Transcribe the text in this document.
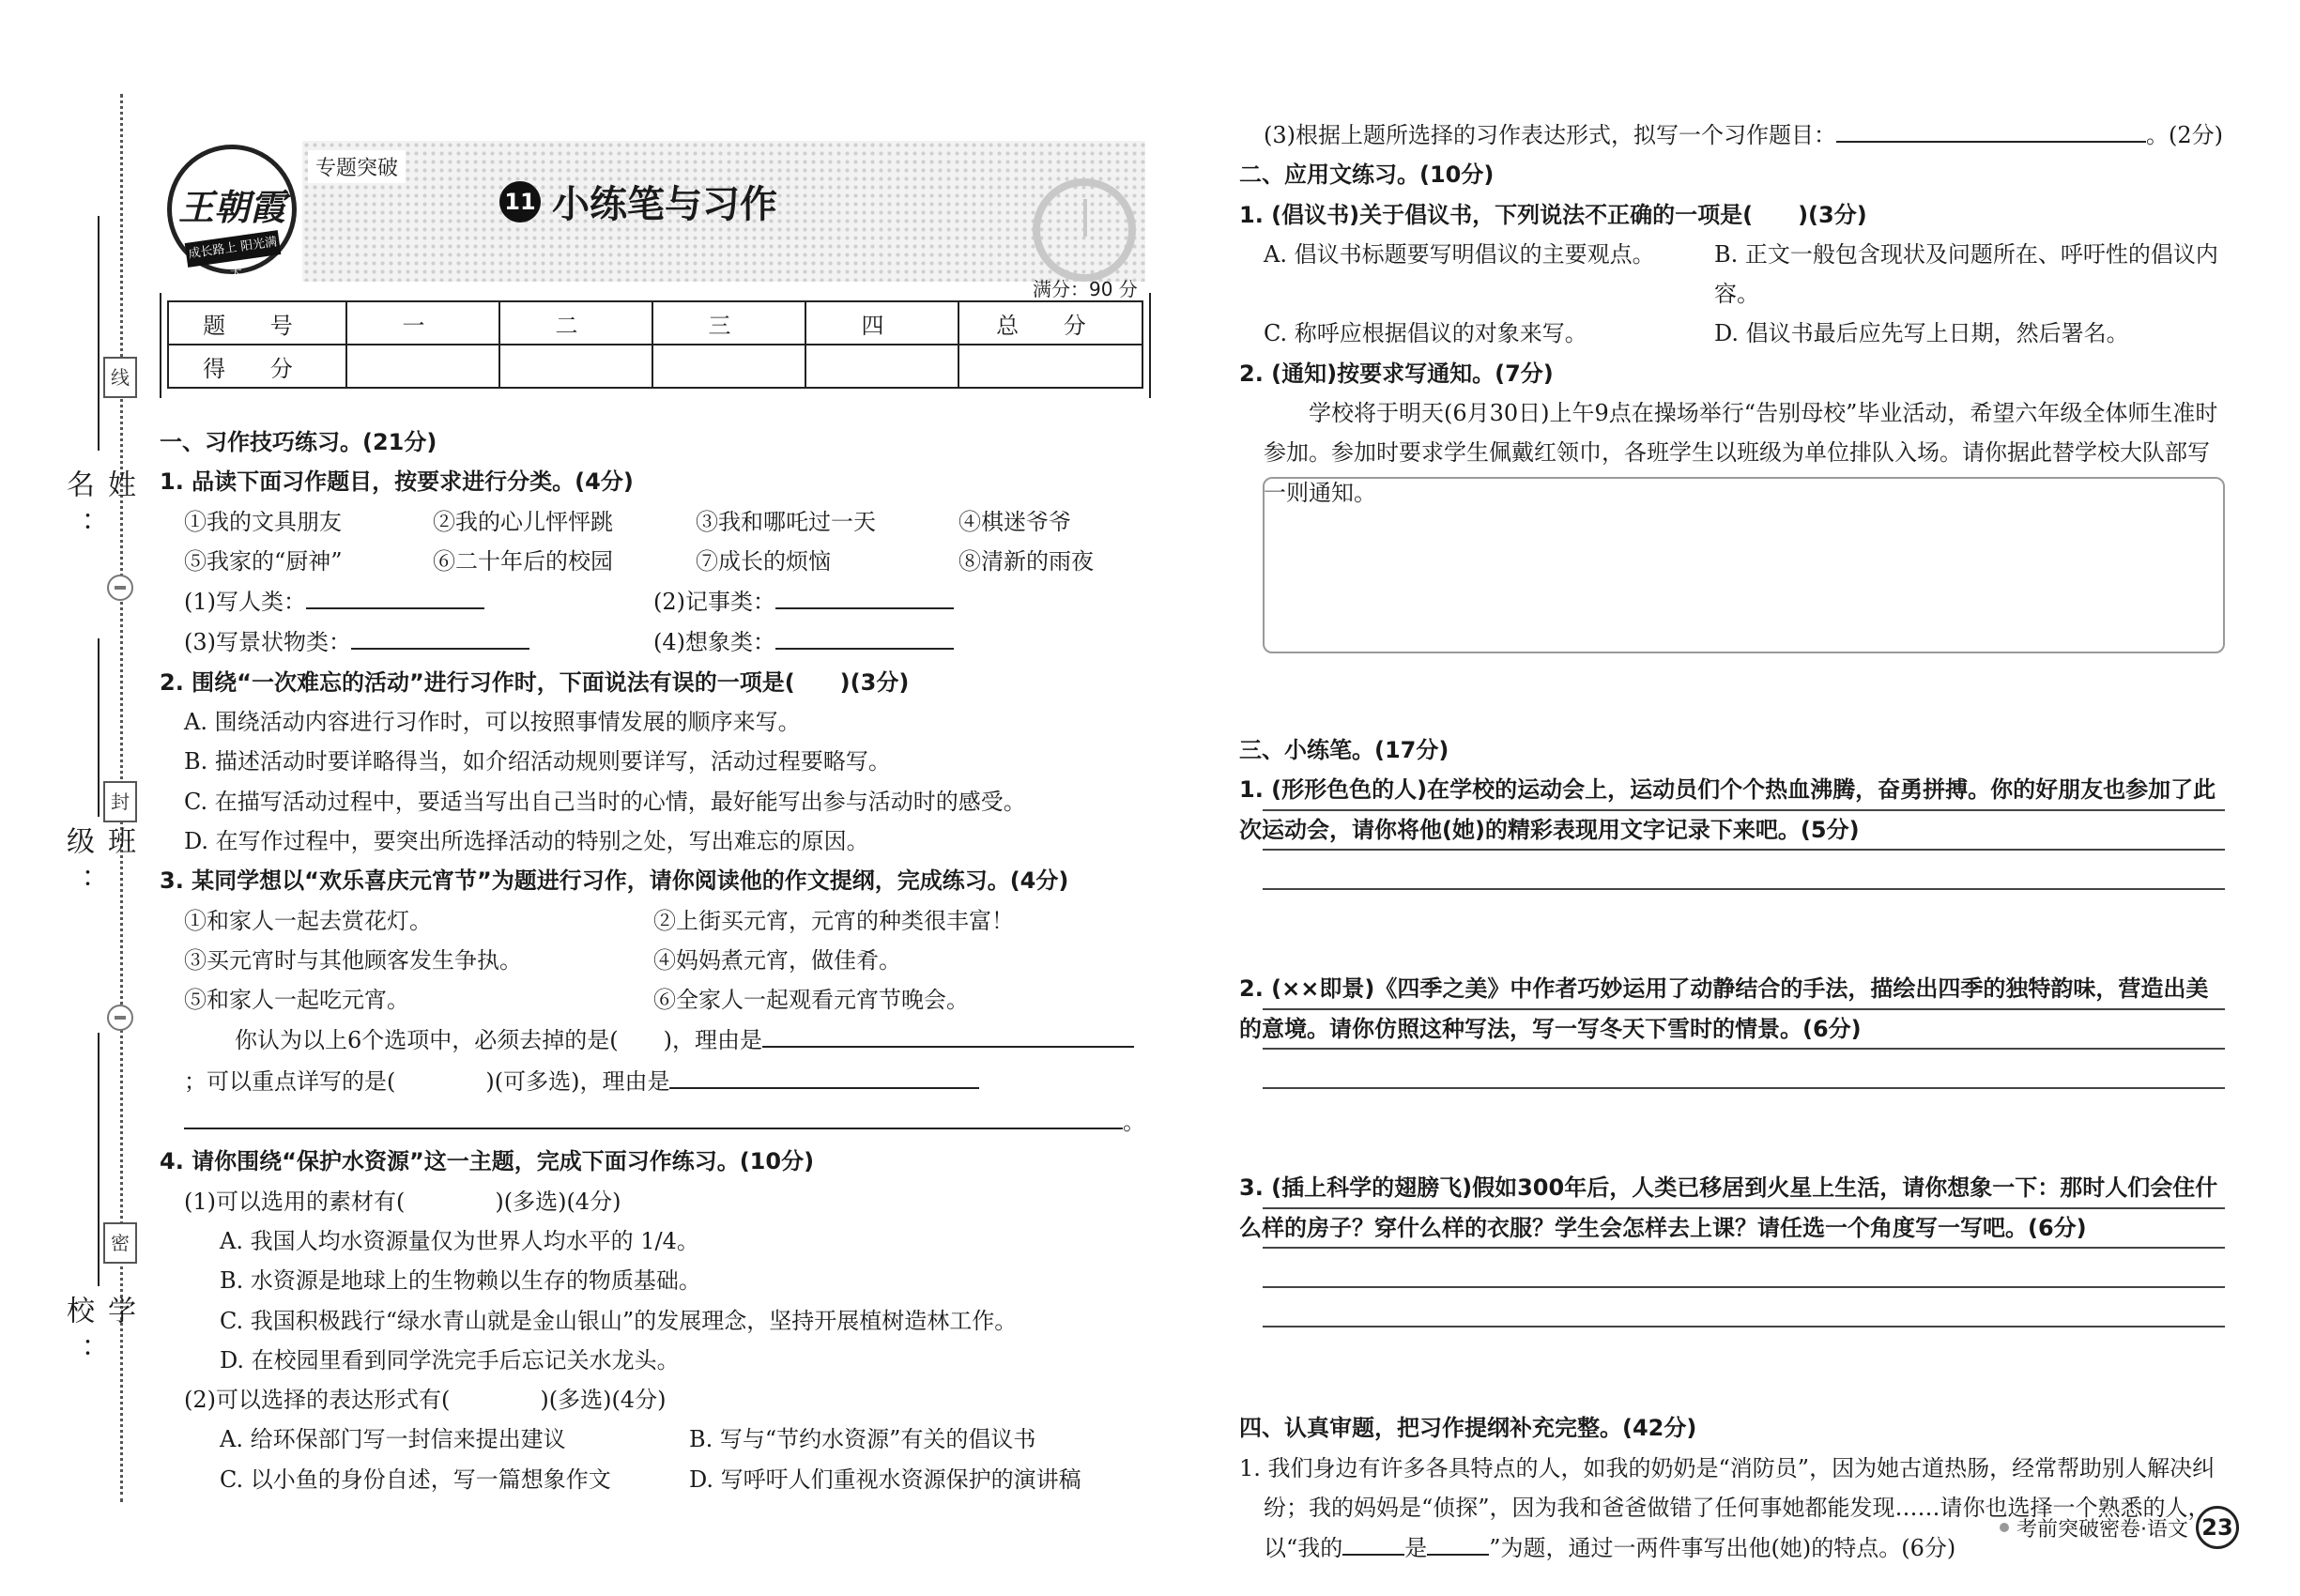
姓 名：
班 级：
学 校：
线
封
密
王朝霞
成长路上 阳光满天
专题突破
11 小练笔与习作
满分：90 分
题 号	一	二	三	四	总 分
得 分					
一、习作技巧练习。(21分)
1. 品读下面习作题目，按要求进行分类。(4分)
①我的文具朋友	②我的心儿怦怦跳	③我和哪吒过一天	④棋迷爷爷
⑤我家的“厨神”	⑥二十年后的校园	⑦成长的烦恼	⑧清新的雨夜
(1)写人类：	(2)记事类：
(3)写景状物类：	(4)想象类：
2. 围绕“一次难忘的活动”进行习作时，下面说法有误的一项是(　　)(3分)
A. 围绕活动内容进行习作时，可以按照事情发展的顺序来写。
B. 描述活动时要详略得当，如介绍活动规则要详写，活动过程要略写。
C. 在描写活动过程中，要适当写出自己当时的心情，最好能写出参与活动时的感受。
D. 在写作过程中，要突出所选择活动的特别之处，写出难忘的原因。
3. 某同学想以“欢乐喜庆元宵节”为题进行习作，请你阅读他的作文提纲，完成练习。(4分)
①和家人一起去赏花灯。	②上街买元宵，元宵的种类很丰富！
③买元宵时与其他顾客发生争执。	④妈妈煮元宵，做佳肴。
⑤和家人一起吃元宵。	⑥全家人一起观看元宵节晚会。
你认为以上6个选项中，必须去掉的是(　　)，理由是
；可以重点详写的是(　　　　)(可多选)，理由是
。
4. 请你围绕“保护水资源”这一主题，完成下面习作练习。(10分)
(1)可以选用的素材有(　　　　)(多选)(4分)
A. 我国人均水资源量仅为世界人均水平的 1/4。
B. 水资源是地球上的生物赖以生存的物质基础。
C. 我国积极践行“绿水青山就是金山银山”的发展理念，坚持开展植树造林工作。
D. 在校园里看到同学洗完手后忘记关水龙头。
(2)可以选择的表达形式有(　　　　)(多选)(4分)
A. 给环保部门写一封信来提出建议	B. 写与“节约水资源”有关的倡议书
C. 以小鱼的身份自述，写一篇想象作文	D. 写呼吁人们重视水资源保护的演讲稿
(3)根据上题所选择的习作表达形式，拟写一个习作题目：	。(2分)
二、应用文练习。(10分)
1. (倡议书)关于倡议书，下列说法不正确的一项是(　　)(3分)
A. 倡议书标题要写明倡议的主要观点。	B. 正文一般包含现状及问题所在、呼吁性的倡议内容。
C. 称呼应根据倡议的对象来写。	D. 倡议书最后应先写上日期，然后署名。
2. (通知)按要求写通知。(7分)
学校将于明天(6月30日)上午9点在操场举行“告别母校”毕业活动，希望六年级全体师生准时参加。参加时要求学生佩戴红领巾，各班学生以班级为单位排队入场。请你据此替学校大队部写一则通知。
三、小练笔。(17分)
1. (形形色色的人)在学校的运动会上，运动员们个个热血沸腾，奋勇拼搏。你的好朋友也参加了此次运动会，请你将他(她)的精彩表现用文字记录下来吧。(5分)
2. (××即景)《四季之美》中作者巧妙运用了动静结合的手法，描绘出四季的独特韵味，营造出美的意境。请你仿照这种写法，写一写冬天下雪时的情景。(6分)
3. (插上科学的翅膀飞)假如300年后，人类已移居到火星上生活，请你想象一下：那时人们会住什么样的房子？穿什么样的衣服？学生会怎样去上课？请任选一个角度写一写吧。(6分)
四、认真审题，把习作提纲补充完整。(42分)
1. 我们身边有许多各具特点的人，如我的奶奶是“消防员”，因为她古道热肠，经常帮助别人解决纠
纷；我的妈妈是“侦探”，因为我和爸爸做错了任何事她都能发现……请你也选择一个熟悉的人，
以“我的	是	”为题，通过一两件事写出他(她)的特点。(6分)
考前突破密卷·语文 23
